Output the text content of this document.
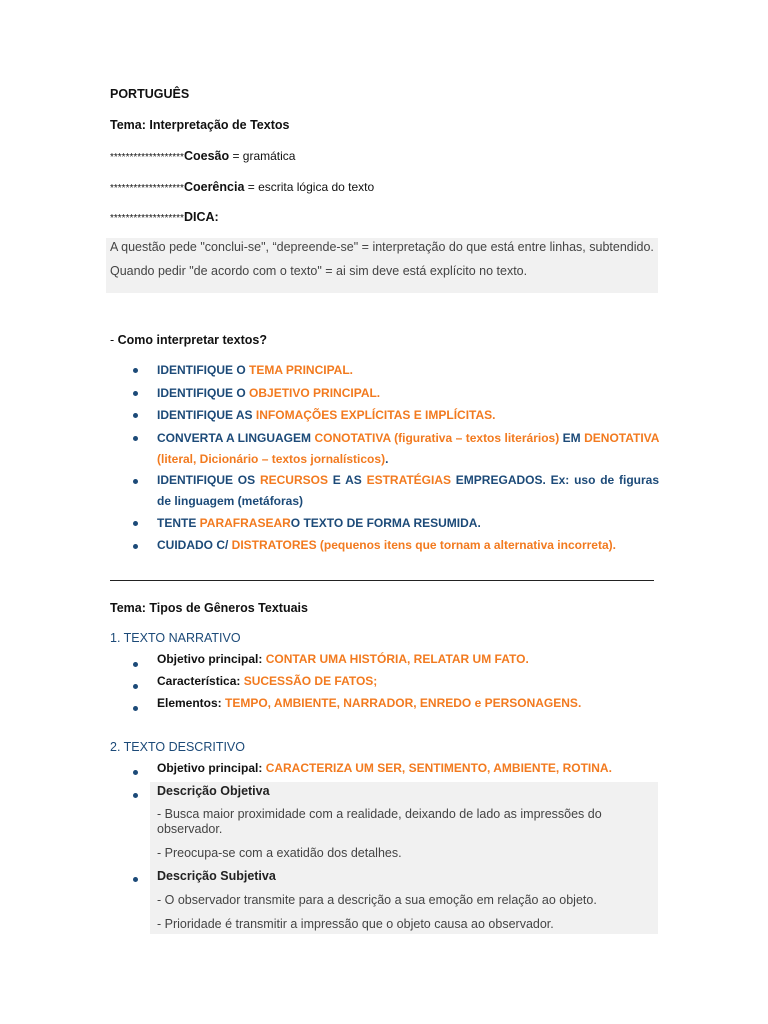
PORTUGUÊS
Tema: Interpretação de Textos
*******************Coesão = gramática
*******************Coerência = escrita lógica do texto
*******************DICA:

A questão pede "conclui-se", “depreende-se" = interpretação do que está entre linhas, subtendido.

Quando pedir "de acordo com o texto" = ai sim deve está explícito no texto.

- Como interpretar textos?
IDENTIFIQUE O TEMA PRINCIPAL.
IDENTIFIQUE O OBJETIVO PRINCIPAL.
IDENTIFIQUE AS INFOMAÇÕES EXPLÍCITAS E IMPLÍCITAS.
CONVERTA A LINGUAGEM CONOTATIVA (figurativa – textos literários) EM DENOTATIVA (literal, Dicionário – textos jornalísticos).
IDENTIFIQUE OS RECURSOS E AS ESTRATÉGIAS EMPREGADOS. Ex: uso de figuras de linguagem (metáforas)
TENTE PARAFRASEARO TEXTO DE FORMA RESUMIDA.
CUIDADO C/ DISTRATORES (pequenos itens que tornam a alternativa incorreta).
Tema: Tipos de Gêneros Textuais
1. TEXTO NARRATIVO
Objetivo principal: CONTAR UMA HISTÓRIA, RELATAR UM FATO.
Característica: SUCESSÃO DE FATOS;
Elementos: TEMPO, AMBIENTE, NARRADOR, ENREDO e PERSONAGENS.
2. TEXTO DESCRITIVO
Objetivo principal: CARACTERIZA UM SER, SENTIMENTO, AMBIENTE, ROTINA.
Descrição Objetiva
- Busca maior proximidade com a realidade, deixando de lado as impressões do observador.
- Preocupa-se com a exatidão dos detalhes.
Descrição Subjetiva
- O observador transmite para a descrição a sua emoção em relação ao objeto.
- Prioridade é transmitir a impressão que o objeto causa ao observador.
